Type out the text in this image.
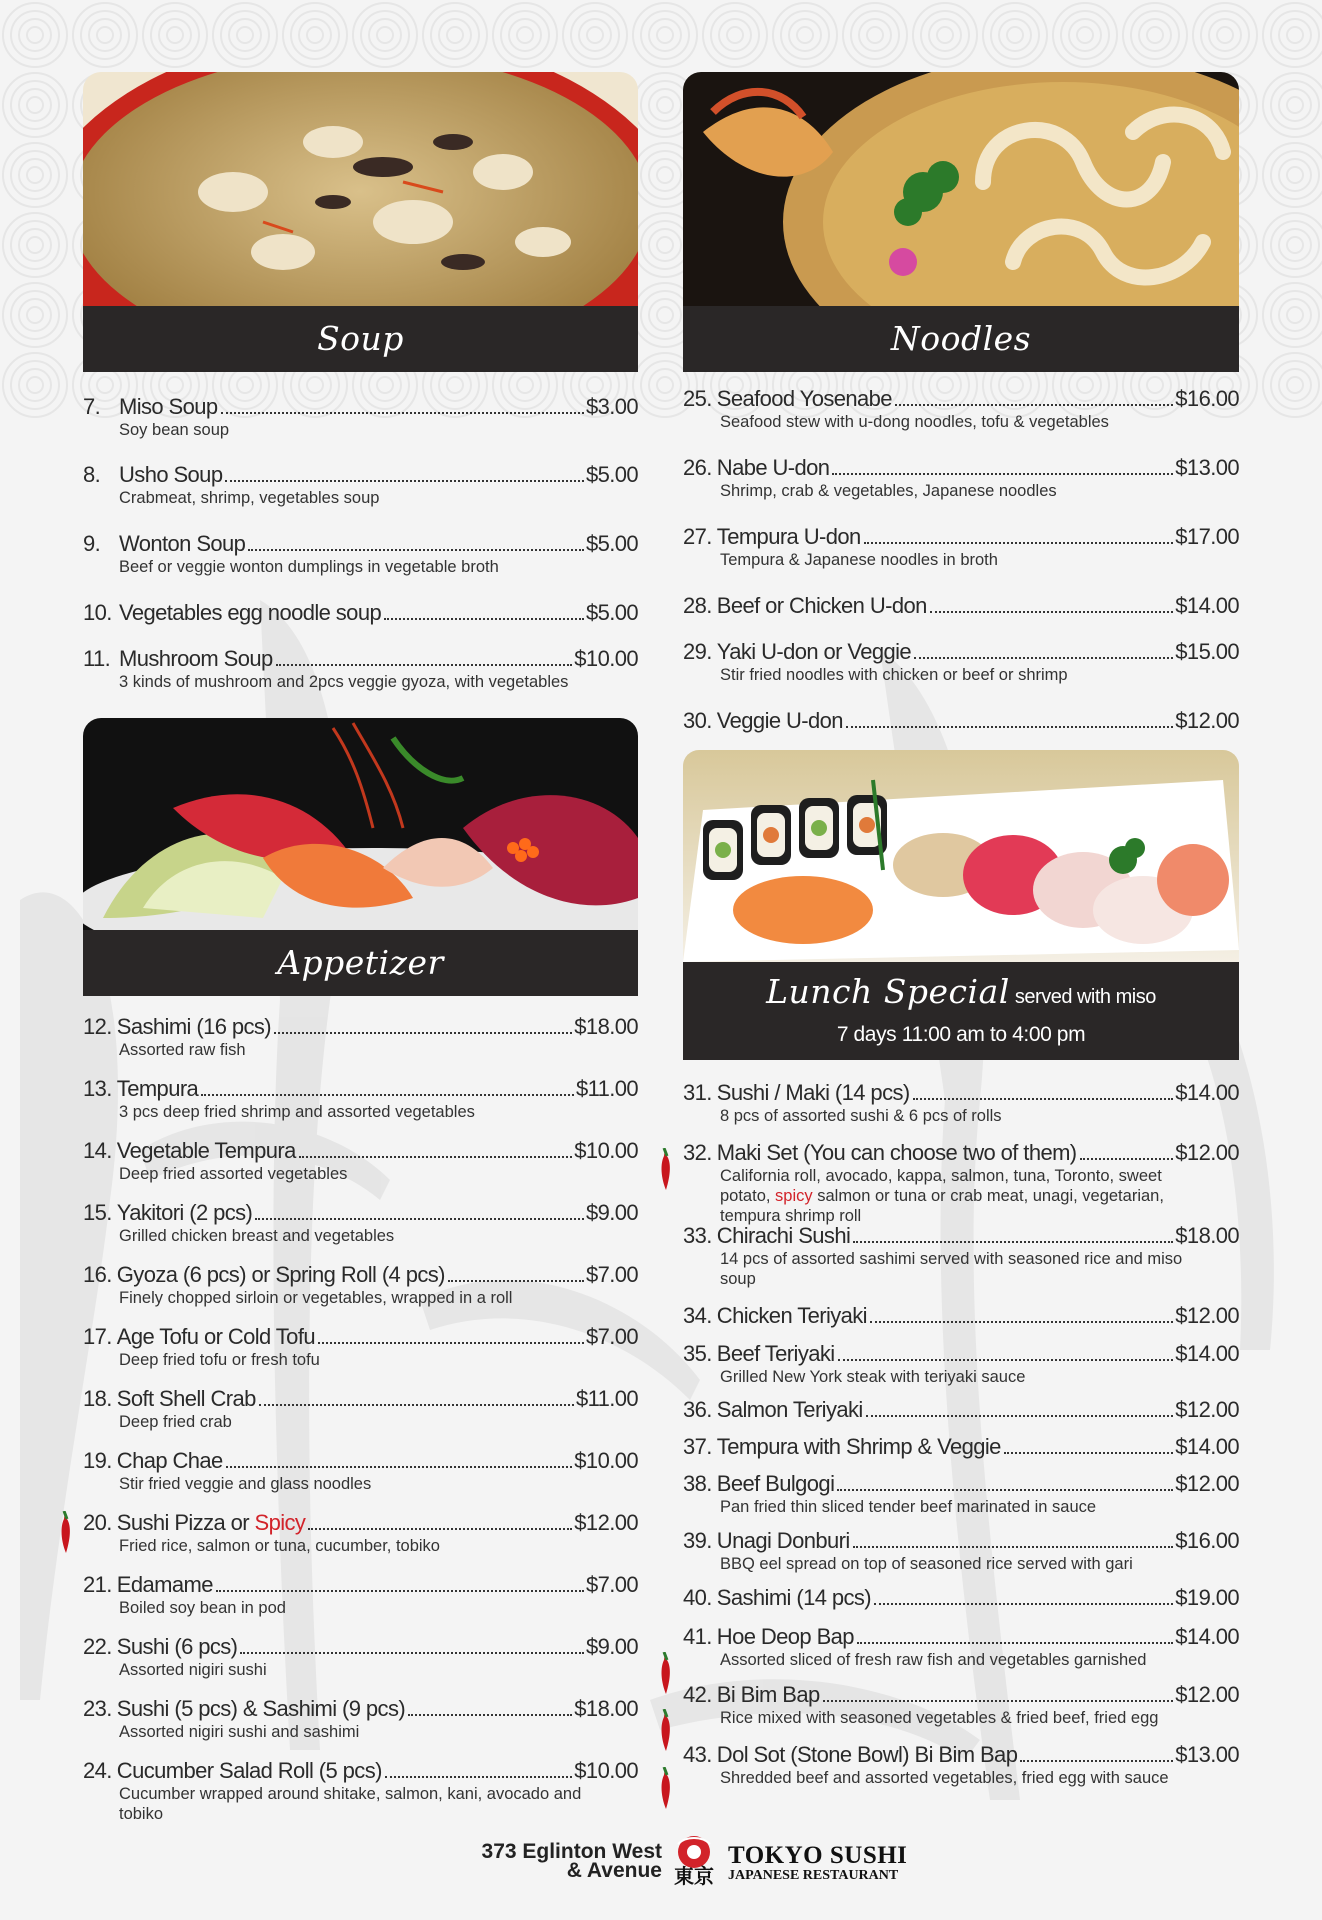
Soup
7. Miso Soup	$3.00
Soy bean soup
8. Usho Soup	$5.00
Crabmeat, shrimp, vegetables soup
9. Wonton Soup	$5.00
Beef or veggie wonton dumplings in vegetable broth
10. Vegetables egg noodle soup	$5.00
11. Mushroom Soup	$10.00
3 kinds of mushroom and 2pcs veggie gyoza, with vegetables
Appetizer
12. Sashimi (16 pcs)	$18.00
Assorted raw fish
13. Tempura	$11.00
3 pcs deep fried shrimp and assorted vegetables
14. Vegetable Tempura	$10.00
Deep fried assorted vegetables
15. Yakitori (2 pcs)	$9.00
Grilled chicken breast and vegetables
16. Gyoza (6 pcs) or Spring Roll (4 pcs)	$7.00
Finely chopped sirloin or vegetables, wrapped in a roll
17. Age Tofu or Cold Tofu	$7.00
Deep fried tofu or fresh tofu
18. Soft Shell Crab	$11.00
Deep fried crab
19. Chap Chae	$10.00
Stir fried veggie and glass noodles
20. Sushi Pizza or Spicy	$12.00
Fried rice, salmon or tuna, cucumber, tobiko
21. Edamame	$7.00
Boiled soy bean in pod
22. Sushi (6 pcs)	$9.00
Assorted nigiri sushi
23. Sushi (5 pcs) & Sashimi (9 pcs)	$18.00
Assorted nigiri sushi and sashimi
24. Cucumber Salad Roll (5 pcs)	$10.00
Cucumber wrapped around shitake, salmon, kani, avocado and tobiko
Noodles
25. Seafood Yosenabe	$16.00
Seafood stew with u-dong noodles, tofu & vegetables
26. Nabe U-don	$13.00
Shrimp, crab & vegetables, Japanese noodles
27. Tempura U-don	$17.00
Tempura & Japanese noodles in broth
28. Beef or Chicken U-don	$14.00
29. Yaki U-don or Veggie	$15.00
Stir fried noodles with chicken or beef or shrimp
30. Veggie U-don	$12.00
Lunch Special served with miso
7 days 11:00 am to 4:00 pm
31. Sushi / Maki (14 pcs)	$14.00
8 pcs of assorted sushi & 6 pcs of rolls
32. Maki Set (You can choose two of them)	$12.00
California roll, avocado, kappa, salmon, tuna, Toronto, sweet potato, spicy salmon or tuna or crab meat, unagi, vegetarian, tempura shrimp roll
33. Chirachi Sushi	$18.00
14 pcs of assorted sashimi served with seasoned rice and miso soup
34. Chicken Teriyaki	$12.00
35. Beef Teriyaki	$14.00
Grilled New York steak with teriyaki sauce
36. Salmon Teriyaki	$12.00
37. Tempura with Shrimp & Veggie	$14.00
38. Beef Bulgogi	$12.00
Pan fried thin sliced tender beef marinated in sauce
39. Unagi Donburi	$16.00
BBQ eel spread on top of seasoned rice served with gari
40. Sashimi (14 pcs)	$19.00
41. Hoe Deop Bap	$14.00
Assorted sliced of fresh raw fish and vegetables garnished
42. Bi Bim Bap	$12.00
Rice mixed with seasoned vegetables & fried beef, fried egg
43. Dol Sot (Stone Bowl) Bi Bim Bap	$13.00
Shredded beef and assorted vegetables, fried egg with sauce
373 Eglinton West
& Avenue 東京
TOKYO SUSHI
JAPANESE RESTAURANT
